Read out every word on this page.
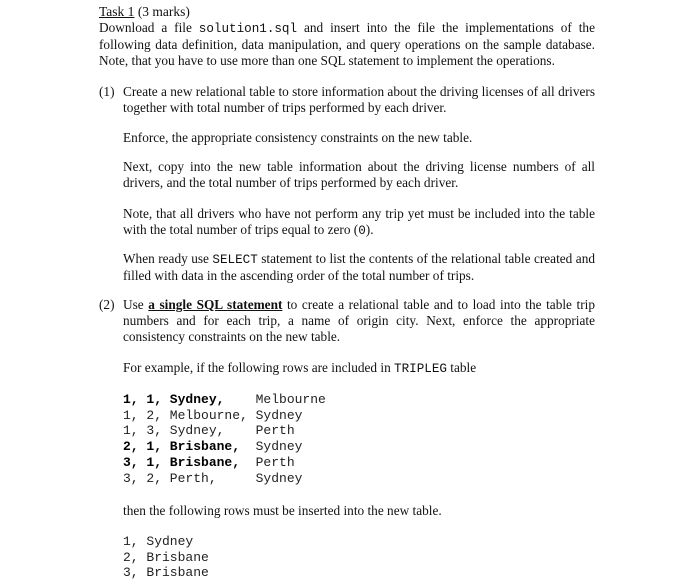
Task 1 (3 marks)
Download a file solution1.sql and insert into the file the implementations of the following data definition, data manipulation, and query operations on the sample database. Note, that you have to use more than one SQL statement to implement the operations.
(1) Create a new relational table to store information about the driving licenses of all drivers together with total number of trips performed by each driver.
Enforce, the appropriate consistency constraints on the new table.
Next, copy into the new table information about the driving license numbers of all drivers, and the total number of trips performed by each driver.
Note, that all drivers who have not perform any trip yet must be included into the table with the total number of trips equal to zero (0).
When ready use SELECT statement to list the contents of the relational table created and filled with data in the ascending order of the total number of trips.
(2) Use a single SQL statement to create a relational table and to load into the table trip numbers and for each trip, a name of origin city. Next, enforce the appropriate consistency constraints on the new table.
For example, if the following rows are included in TRIPLEG table
1, 1, Sydney,    Melbourne
1, 2, Melbourne, Sydney
1, 3, Sydney,    Perth
2, 1, Brisbane,  Sydney
3, 1, Brisbane,  Perth
3, 2, Perth,     Sydney
then the following rows must be inserted into the new table.
1, Sydney
2, Brisbane
3, Brisbane
